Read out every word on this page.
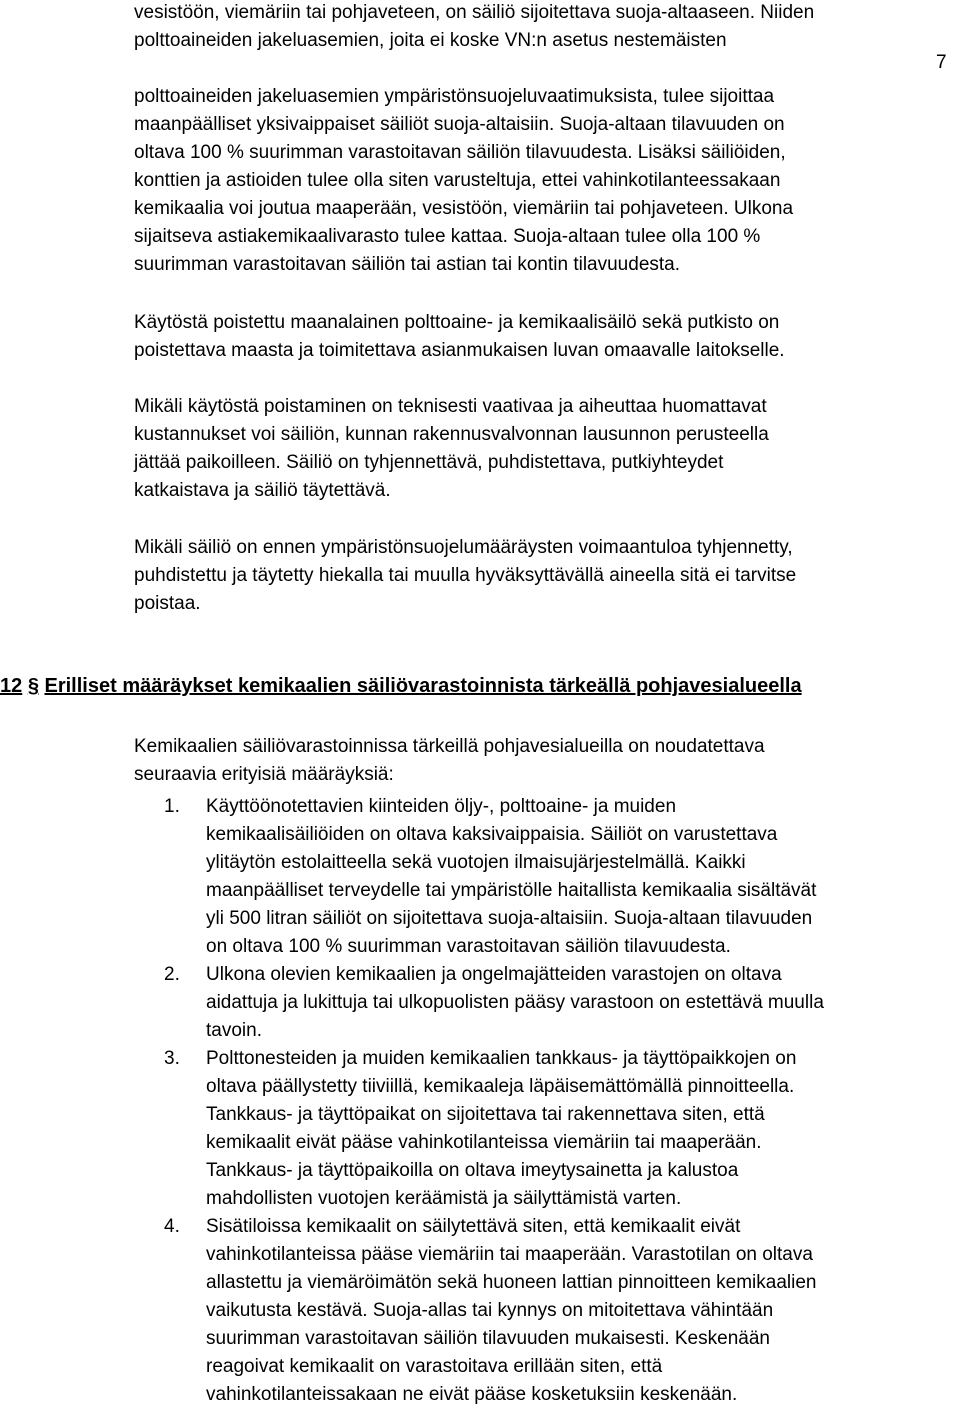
7

vesistöön, viemäriin tai pohjaveteen, on säiliö sijoitettava suoja-altaaseen. Niiden

polttoaineiden jakeluasemien, joita ei koske VN:n asetus nestemäisten

polttoaineiden jakeluasemien ympäristönsuojeluvaatimuksista, tulee sijoittaa

maanpäälliset yksivaippaiset säiliöt suoja-altaisiin. Suoja-altaan tilavuuden on

oltava 100 % suurimman varastoitavan säiliön tilavuudesta. Lisäksi säiliöiden,

konttien ja astioiden tulee olla siten varusteltuja, ettei vahinkotilanteessakaan

kemikaalia voi joutua maaperään, vesistöön, viemäriin tai pohjaveteen. Ulkona

sijaitseva astiakemikaalivarasto tulee kattaa. Suoja-altaan tulee olla 100 %

suurimman varastoitavan säiliön tai astian tai kontin tilavuudesta.

Käytöstä poistettu maanalainen polttoaine- ja kemikaalisäilö sekä putkisto on

poistettava maasta ja toimitettava asianmukaisen luvan omaavalle laitokselle.

Mikäli käytöstä poistaminen on teknisesti vaativaa ja aiheuttaa huomattavat

kustannukset voi säiliön, kunnan rakennusvalvonnan lausunnon perusteella

jättää paikoilleen. Säiliö on tyhjennettävä, puhdistettava, putkiyhteydet

katkaistava ja säiliö täytettävä.

Mikäli säiliö on ennen ympäristönsuojelumääräysten voimaantuloa tyhjennetty,

puhdistettu ja täytetty hiekalla tai muulla hyväksyttävällä aineella sitä ei tarvitse

poistaa.

12 § Erilliset määräykset kemikaalien säiliövarastoinnista tärkeällä pohjavesialueella

Kemikaalien säiliövarastoinnissa tärkeillä pohjavesialueilla on noudatettava

seuraavia erityisiä määräyksiä:

1. Käyttöönotettavien kiinteiden öljy-, polttoaine- ja muiden
kemikaalisäiliöiden on oltava kaksivaippaisia. Säiliöt on varustettava
ylitäytön estolaitteella sekä vuotojen ilmaisujärjestelmällä. Kaikki
maanpäälliset terveydelle tai ympäristölle haitallista kemikaalia sisältävät
yli 500 litran säiliöt on sijoitettava suoja-altaisiin. Suoja-altaan tilavuuden
on oltava 100 % suurimman varastoitavan säiliön tilavuudesta.
2. Ulkona olevien kemikaalien ja ongelmajätteiden varastojen on oltava
aidattuja ja lukittuja tai ulkopuolisten pääsy varastoon on estettävä muulla
tavoin.
3. Polttonesteiden ja muiden kemikaalien tankkaus- ja täyttöpaikkojen on
oltava päällystetty tiiviillä, kemikaaleja läpäisemättömällä pinnoitteella.
Tankkaus- ja täyttöpaikat on sijoitettava tai rakennettava siten, että
kemikaalit eivät pääse vahinkotilanteissa viemäriin tai maaperään.
Tankkaus- ja täyttöpaikoilla on oltava imeytysainetta ja kalustoa
mahdollisten vuotojen keräämistä ja säilyttämistä varten.
4. Sisätiloissa kemikaalit on säilytettävä siten, että kemikaalit eivät
vahinkotilanteissa pääse viemäriin tai maaperään. Varastotilan on oltava
allastettu ja viemäröimätön sekä huoneen lattian pinnoitteen kemikaalien
vaikutusta kestävä. Suoja-allas tai kynnys on mitoitettava vähintään
suurimman varastoitavan säiliön tilavuuden mukaisesti. Keskenään
reagoivat kemikaalit on varastoitava erillään siten, että
vahinkotilanteissakaan ne eivät pääse kosketuksiin keskenään.
